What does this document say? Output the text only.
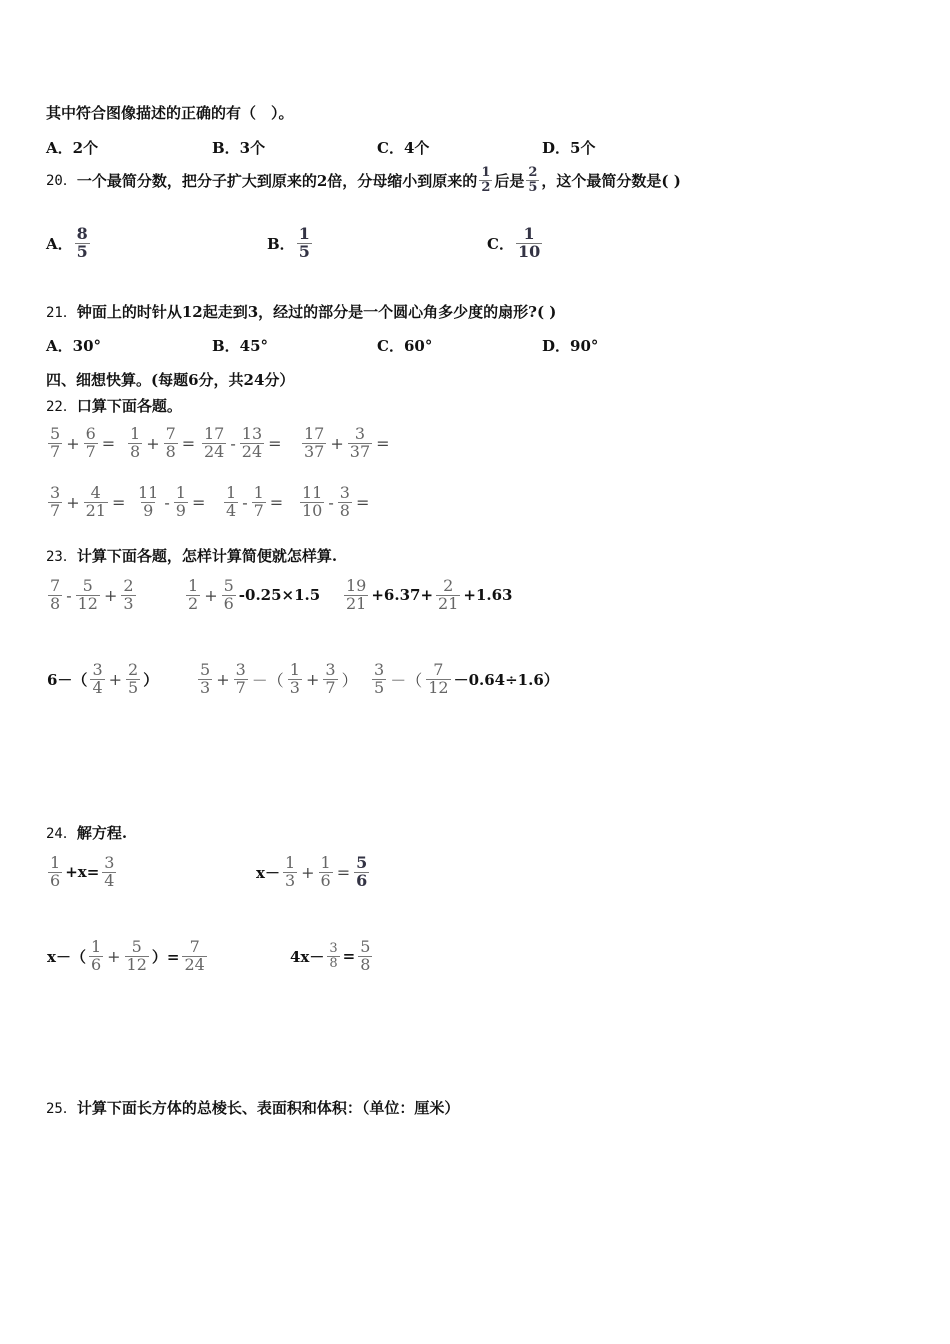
其中符合图像描述的正确的有（　）。
A．2个	B．3个	C．4个	D．5个
20． 一个最简分数，把分子扩大到原来的2倍，分母缩小到原来的 1
2 后是 2
5 ，这个最简分数是( )
A．
8
5	B．
1
5	C．
1
10
21．钟面上的时针从12起走到3，经过的部分是一个圆心角多少度的扇形?( )
A．30°	B．45°	C．60°	D．90°
四、细想快算。(每题6分，共24分）
22．口算下面各题。
5
$7 + \frac{6}{7}$ =
1
$8 + \frac{7}{8}$ =
17
$24 - \frac{13}{24}$ =
17
$37 + \frac{3}{37}$ =
3
$7 + \frac{4}{21}$ =
11
$9 - \frac{1}{9}$ =
1
$4 - \frac{1}{7}$ =
11
$10 - \frac{3}{8}$ =
23．计算下面各题，怎样计算简便就怎样算.
7
8 -
5
$12 + \frac{2}{3}$	1
$2 + \frac{5}{6} -0.25\times 1.5$
19
$21 +6.37+ \frac{2}{21} +1.63$
6－（
3
$4 + \frac{2}{5}$ ）
5
$3 + \frac{3}{7}$ －（
1
$3 + \frac{3}{7}$ ）
3
5 －（
7
12 －0.64÷1.6）
24．解方程.
1
$6 +x= \frac{3}{4}$	x－
1
$3 + \frac{1}{6} = \frac{5}{6}$
x－（
1
$6 + \frac{5}{12}$ ）= $\frac{7}{24}$	$4x- \frac{3}{8} = \frac{5}{8}$
25．计算下面长方体的总棱长、表面积和体积：（单位：厘米）
